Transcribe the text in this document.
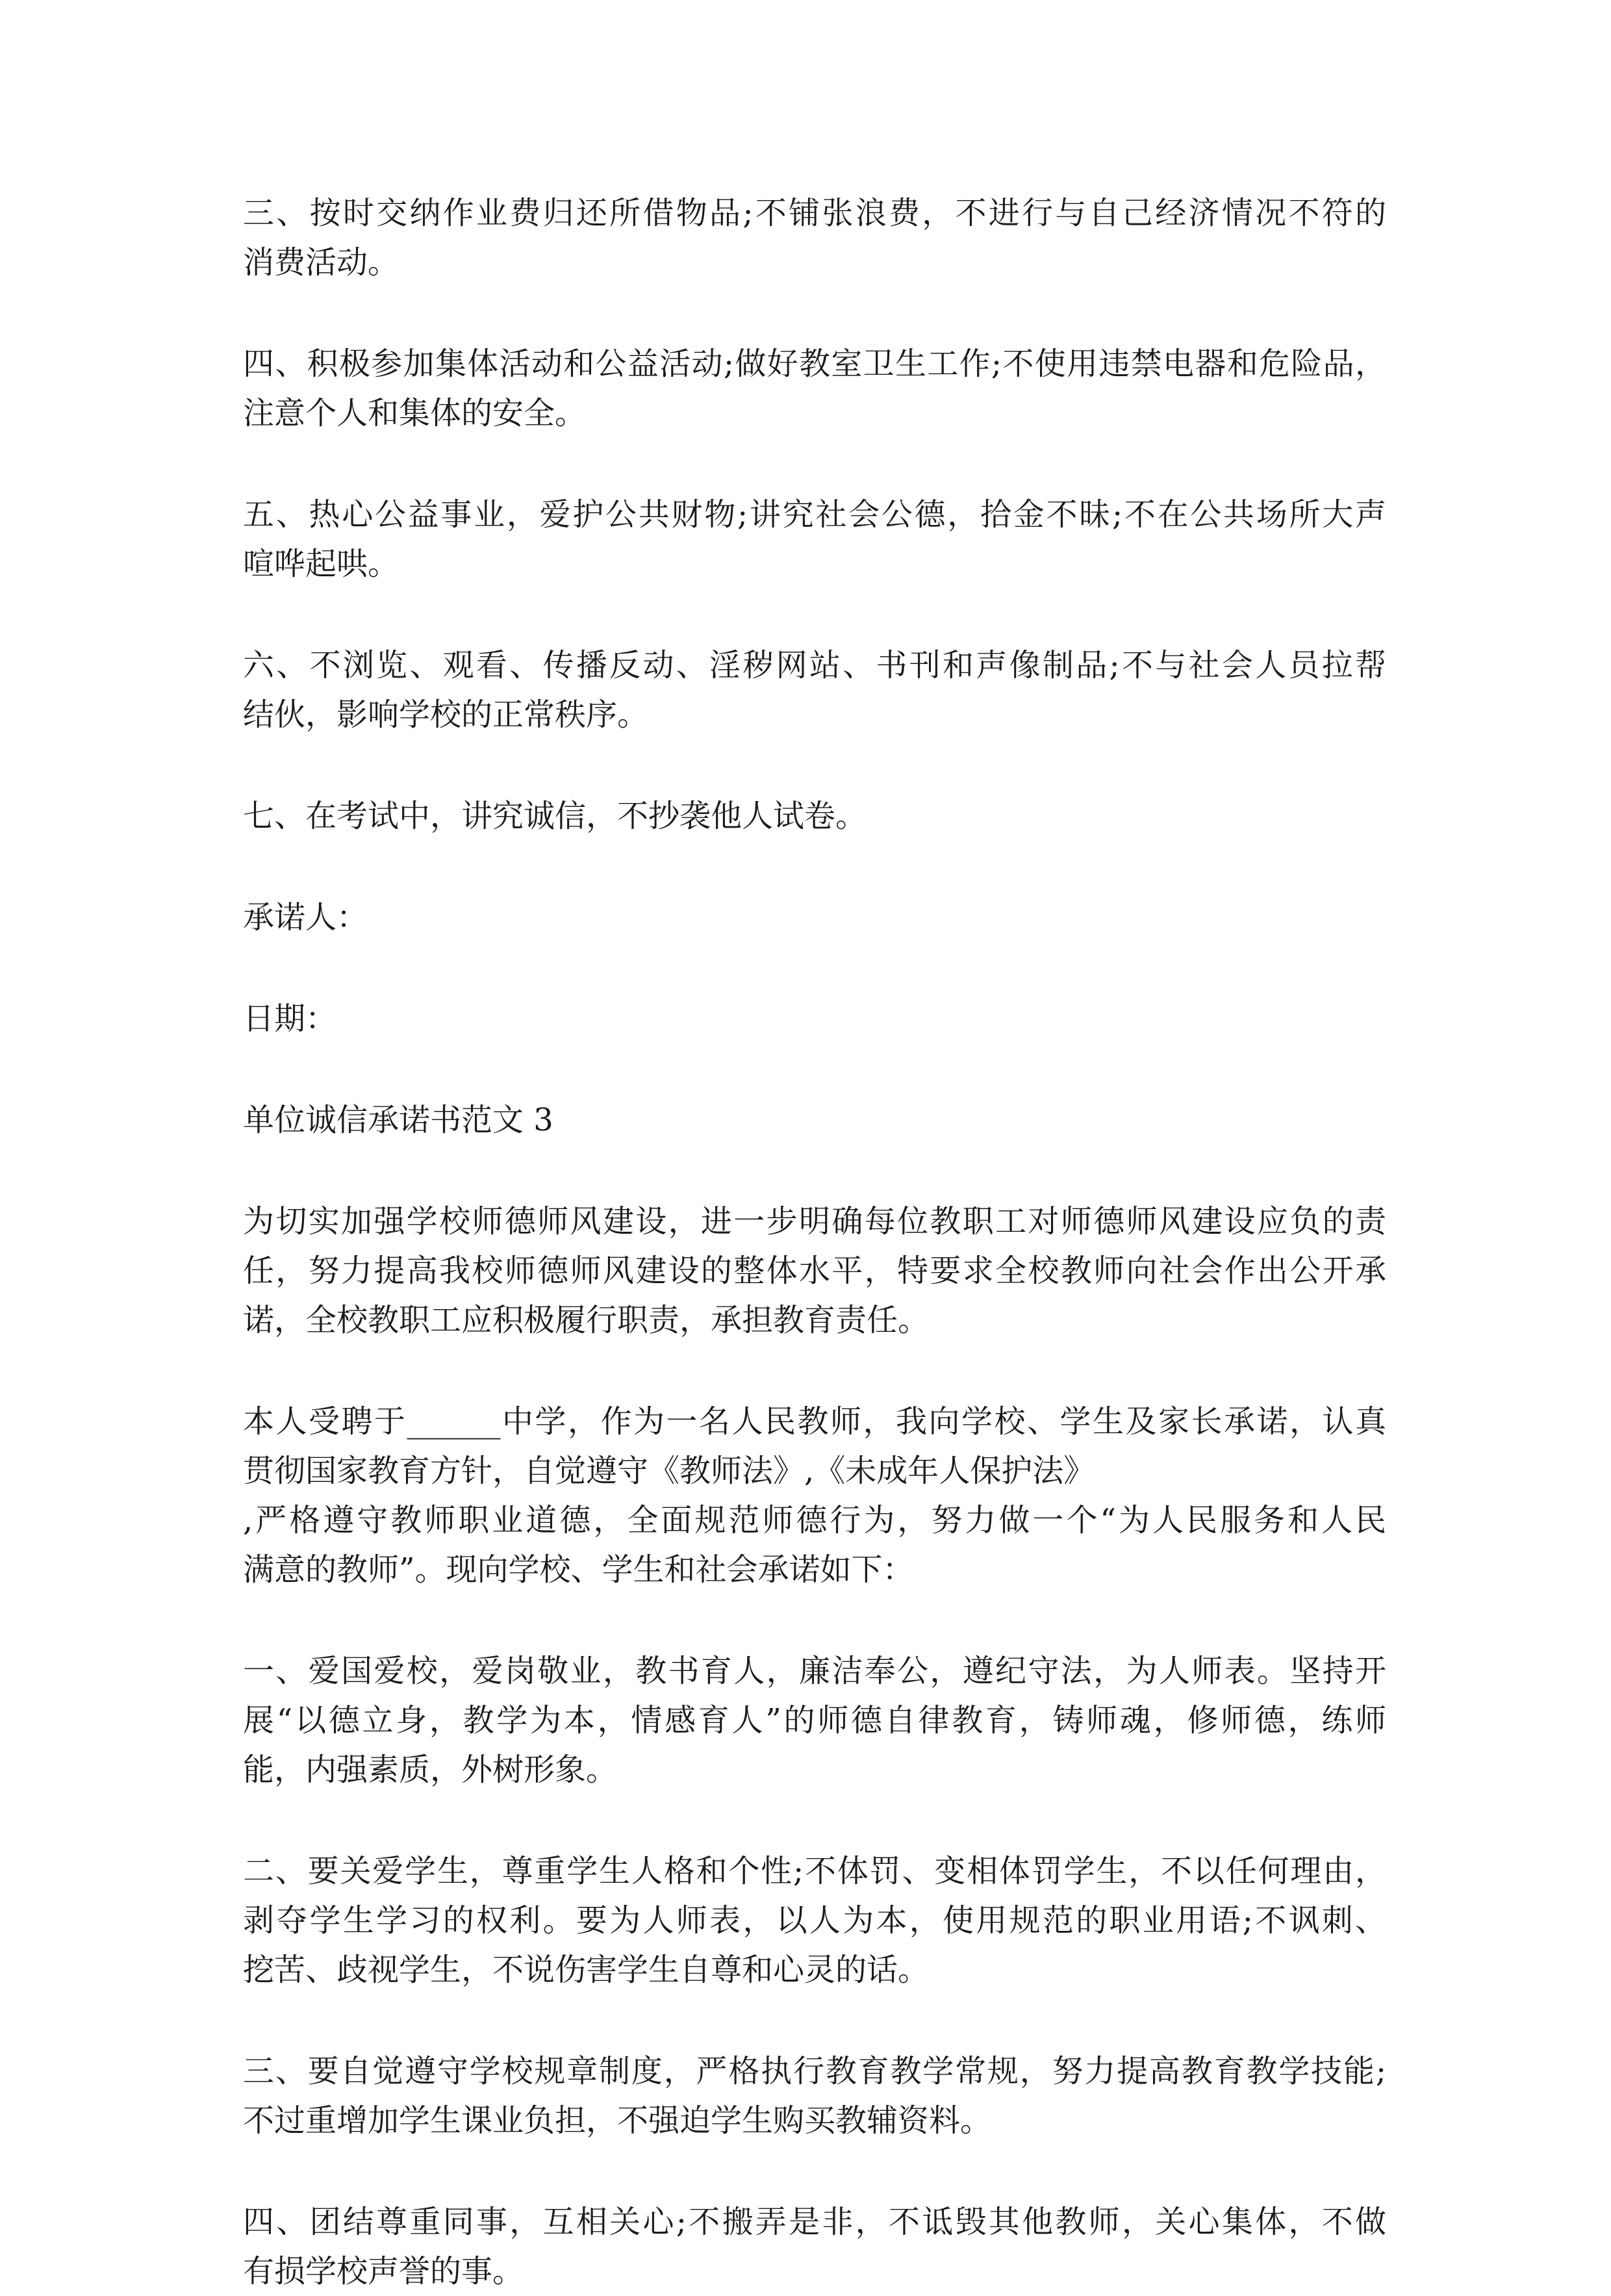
三、按时交纳作业费归还所借物品;不铺张浪费，不进行与自己经济情况不符的

消费活动。

四、积极参加集体活动和公益活动;做好教室卫生工作;不使用违禁电器和危险品，

注意个人和集体的安全。

五、热心公益事业，爱护公共财物;讲究社会公德，拾金不昧;不在公共场所大声

喧哗起哄。

六、不浏览、观看、传播反动、淫秽网站、书刊和声像制品;不与社会人员拉帮

结伙，影响学校的正常秩序。

七、在考试中，讲究诚信，不抄袭他人试卷。

承诺人：

日期：

单位诚信承诺书范文 3

为切实加强学校师德师风建设，进一步明确每位教职工对师德师风建设应负的责

任，努力提高我校师德师风建设的整体水平，特要求全校教师向社会作出公开承

诺，全校教职工应积极履行职责，承担教育责任。

本人受聘于______中学，作为一名人民教师，我向学校、学生及家长承诺，认真

贯彻国家教育方针，自觉遵守《教师法》,《未成年人保护法》

,严格遵守教师职业道德，全面规范师德行为，努力做一个“为人民服务和人民

满意的教师”。现向学校、学生和社会承诺如下：

一、爱国爱校，爱岗敬业，教书育人，廉洁奉公，遵纪守法，为人师表。坚持开

展“以德立身，教学为本，情感育人”的师德自律教育，铸师魂，修师德，练师

能，内强素质，外树形象。

二、要关爱学生，尊重学生人格和个性;不体罚、变相体罚学生，不以任何理由，

剥夺学生学习的权利。要为人师表，以人为本，使用规范的职业用语;不讽刺、

挖苦、歧视学生，不说伤害学生自尊和心灵的话。

三、要自觉遵守学校规章制度，严格执行教育教学常规，努力提高教育教学技能;

不过重增加学生课业负担，不强迫学生购买教辅资料。

四、团结尊重同事，互相关心;不搬弄是非，不诋毁其他教师，关心集体，不做

有损学校声誉的事。
